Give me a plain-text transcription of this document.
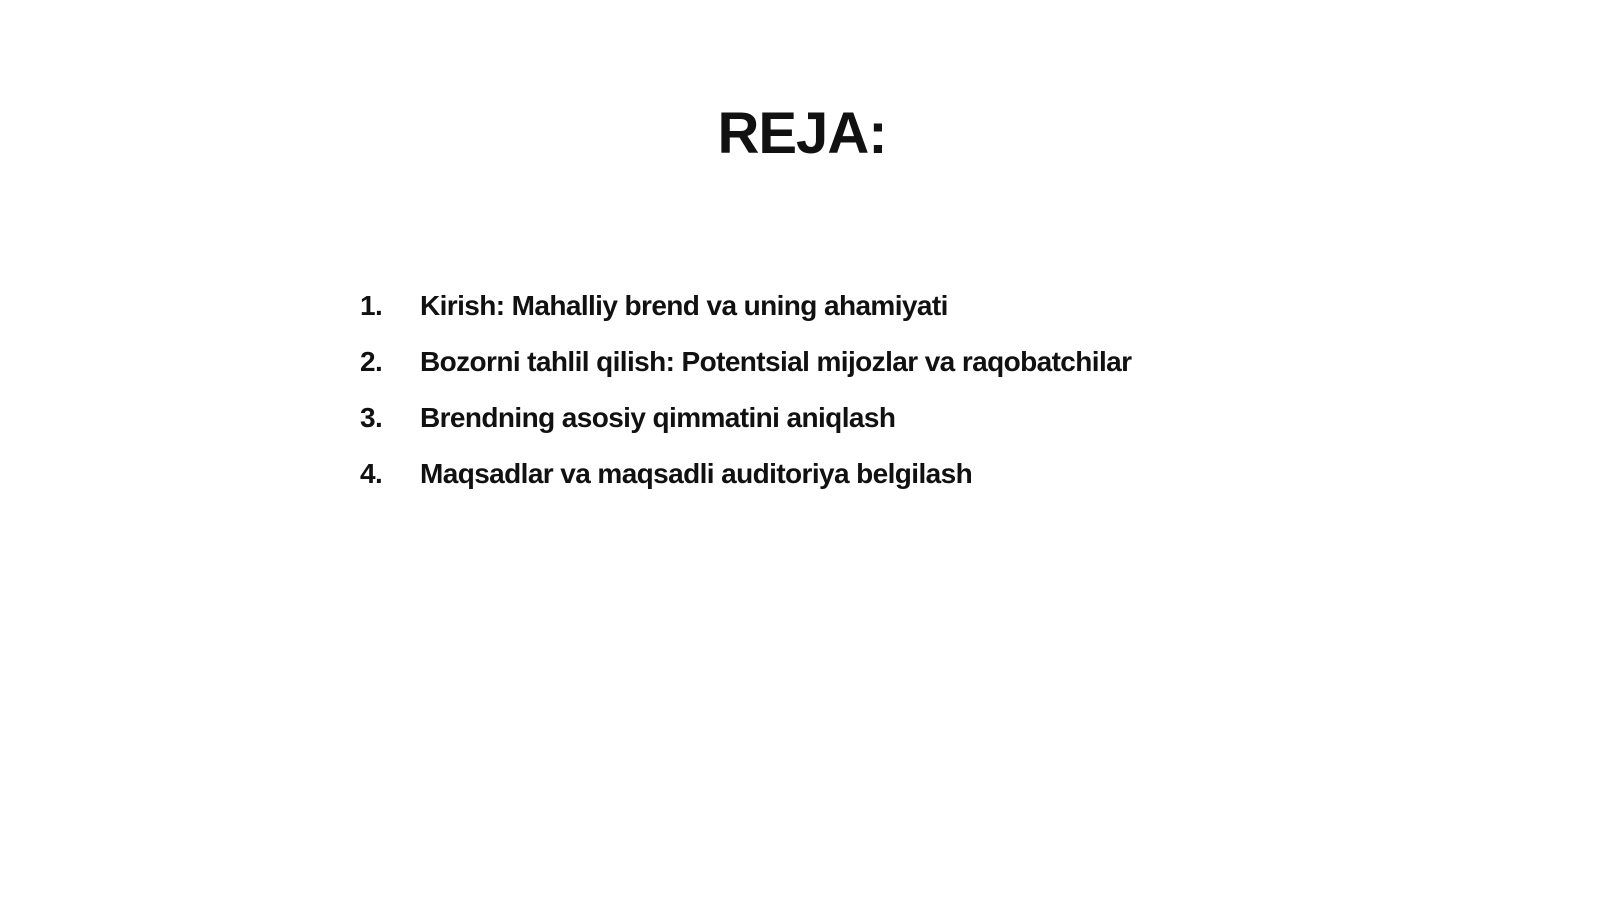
REJA:
1.	Kirish: Mahalliy brend va uning ahamiyati
2.	Bozorni tahlil qilish: Potentsial mijozlar va raqobatchilar
3.	Brendning asosiy qimmatini aniqlash
4.	Maqsadlar va maqsadli auditoriya belgilash
